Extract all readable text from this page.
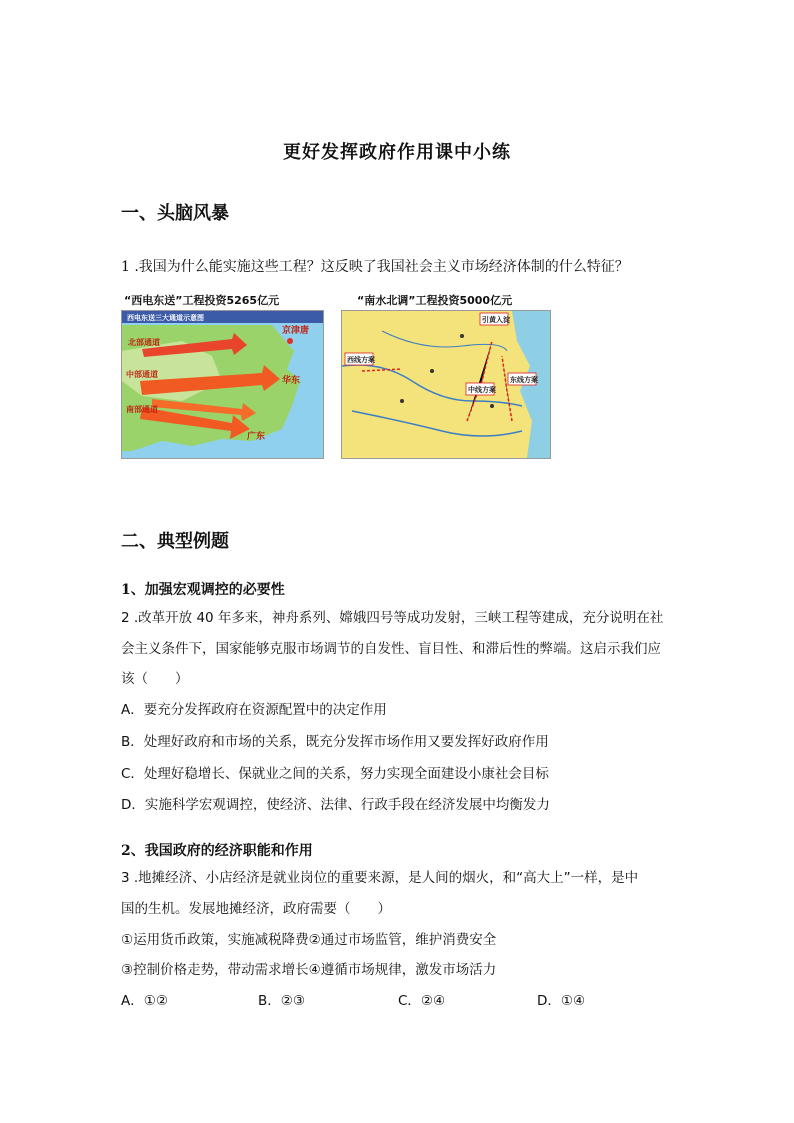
更好发挥政府作用课中小练
一、头脑风暴
1 .我国为什么能实施这些工程？这反映了我国社会主义市场经济体制的什么特征？
“西电东送”工程投资5265亿元
西电东送三大通道示意图
北部通道
中部通道
南部通道
京津唐
华东
广东
“南水北调”工程投资5000亿元
西线方案
中线方案
东线方案
引黄入淀
二、典型例题
1、加强宏观调控的必要性
2 .改革开放 40 年多来，神舟系列、嫦娥四号等成功发射，三峡工程等建成，充分说明在社
会主义条件下，国家能够克服市场调节的自发性、盲目性、和滞后性的弊端。这启示我们应
该（　　）
A．要充分发挥政府在资源配置中的决定作用
B．处理好政府和市场的关系，既充分发挥市场作用又要发挥好政府作用
C．处理好稳增长、保就业之间的关系，努力实现全面建设小康社会目标
D．实施科学宏观调控，使经济、法律、行政手段在经济发展中均衡发力
2、我国政府的经济职能和作用
3 .地摊经济、小店经济是就业岗位的重要来源，是人间的烟火，和“高大上”一样，是中
国的生机。发展地摊经济，政府需要（　　）
①运用货币政策，实施减税降费②通过市场监管，维护消费安全
③控制价格走势，带动需求增长④遵循市场规律，激发市场活力
A．①②	B．②③	C．②④	D．①④
